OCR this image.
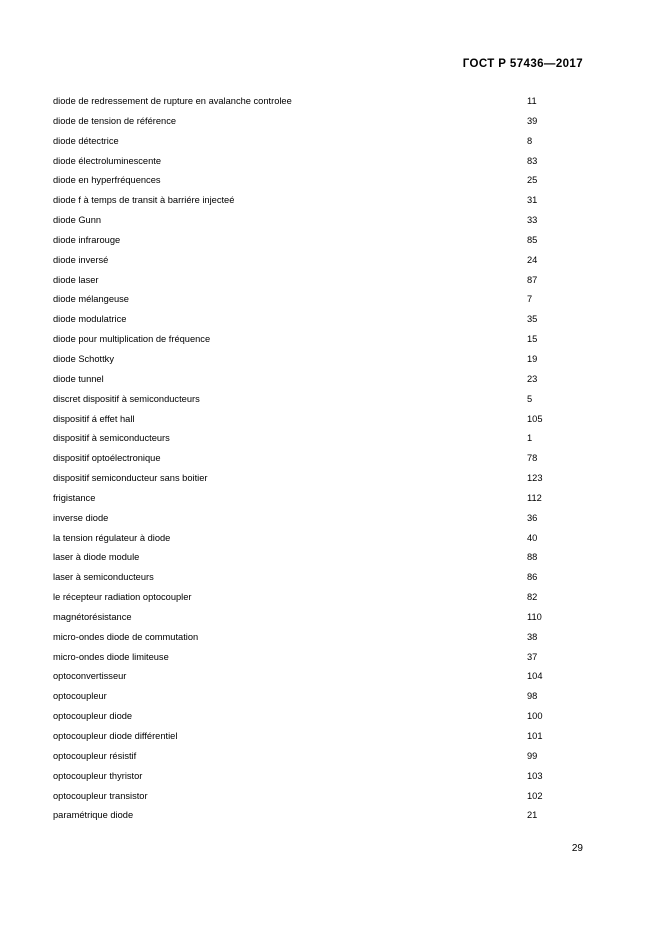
ГОСТ Р 57436—2017
diode de redressement de rupture en avalanche controlee	11
diode de tension de référence	39
diode détectrice	8
diode électroluminescente	83
diode en hyperfréquences	25
diode f à temps de transit à barriére injecteé	31
diode Gunn	33
diode infrarouge	85
diode inversé	24
diode laser	87
diode mélangeuse	7
diode modulatrice	35
diode pour multiplication de fréquence	15
diode Schottky	19
diode tunnel	23
discret dispositif à semiconducteurs	5
dispositif á effet hall	105
dispositif à semiconducteurs	1
dispositif optoélectronique	78
dispositif semiconducteur sans boitier	123
frigistance	112
inverse diode	36
la tension régulateur à diode	40
laser à diode module	88
laser à semiconducteurs	86
le récepteur radiation optocoupler	82
magnétorésistance	110
micro-ondes diode de commutation	38
micro-ondes diode limiteuse	37
optoconvertisseur	104
optocoupleur	98
optocoupleur diode	100
optocoupleur diode différentiel	101
optocoupleur résistif	99
optocoupleur thyristor	103
optocoupleur transistor	102
paramétrique diode	21
29
